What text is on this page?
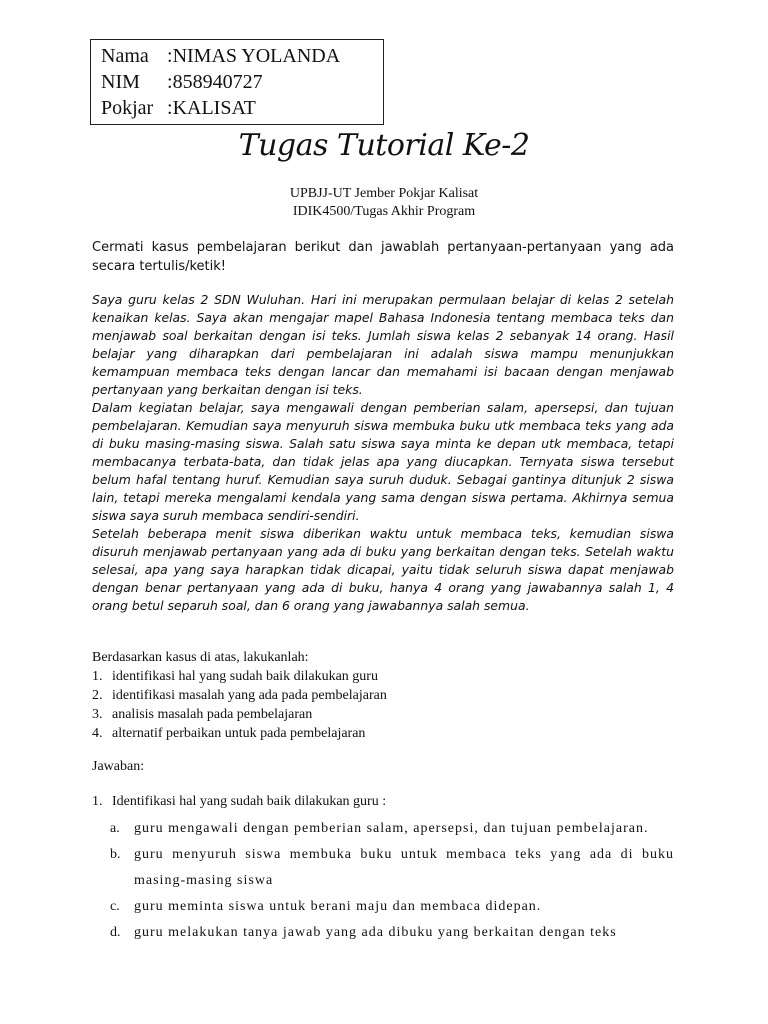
Nama : NIMAS YOLANDA
NIM	: 858940727
Pokjar : KALISAT
Tugas Tutorial Ke-2
UPBJJ-UT Jember Pokjar Kalisat
IDIK4500/Tugas Akhir Program
Cermati kasus pembelajaran berikut dan jawablah pertanyaan-pertanyaan yang ada secara tertulis/ketik!

Saya guru kelas 2 SDN Wuluhan. Hari ini merupakan permulaan belajar di kelas 2 setelah kenaikan kelas. Saya akan mengajar mapel Bahasa Indonesia tentang membaca teks dan menjawab soal berkaitan dengan isi teks. Jumlah siswa kelas 2 sebanyak 14 orang. Hasil belajar yang diharapkan dari pembelajaran ini adalah siswa mampu menunjukkan kemampuan membaca teks dengan lancar dan memahami isi bacaan dengan menjawab pertanyaan yang berkaitan dengan isi teks.

Dalam kegiatan belajar, saya mengawali dengan pemberian salam, apersepsi, dan tujuan pembelajaran. Kemudian saya menyuruh siswa membuka buku utk membaca teks yang ada di buku masing-masing siswa. Salah satu siswa saya minta ke depan utk membaca, tetapi membacanya terbata-bata, dan tidak jelas apa yang diucapkan. Ternyata siswa tersebut belum hafal tentang huruf. Kemudian saya suruh duduk. Sebagai gantinya ditunjuk 2 siswa lain, tetapi mereka mengalami kendala yang sama dengan siswa pertama. Akhirnya semua siswa saya suruh membaca sendiri-sendiri.

Setelah beberapa menit siswa diberikan waktu untuk membaca teks, kemudian siswa disuruh menjawab pertanyaan yang ada di buku yang berkaitan dengan teks. Setelah waktu selesai, apa yang saya harapkan tidak dicapai, yaitu tidak seluruh siswa dapat menjawab dengan benar pertanyaan yang ada di buku, hanya 4 orang yang jawabannya salah 1, 4 orang betul separuh soal, dan 6 orang yang jawabannya salah semua.

Berdasarkan kasus di atas, lakukanlah:
1. identifikasi hal yang sudah baik dilakukan guru
2. identifikasi masalah yang ada pada pembelajaran
3. analisis masalah pada pembelajaran
4. alternatif perbaikan untuk pada pembelajaran
Jawaban:
1. Identifikasi hal yang sudah baik dilakukan guru :
a.	guru mengawali dengan pemberian salam, apersepsi, dan tujuan pembelajaran.
b. guru menyuruh siswa membuka buku untuk membaca teks yang ada di buku masing-masing siswa
c.	guru meminta siswa untuk berani maju dan membaca didepan.
d. guru melakukan tanya jawab yang ada dibuku yang berkaitan dengan teks
